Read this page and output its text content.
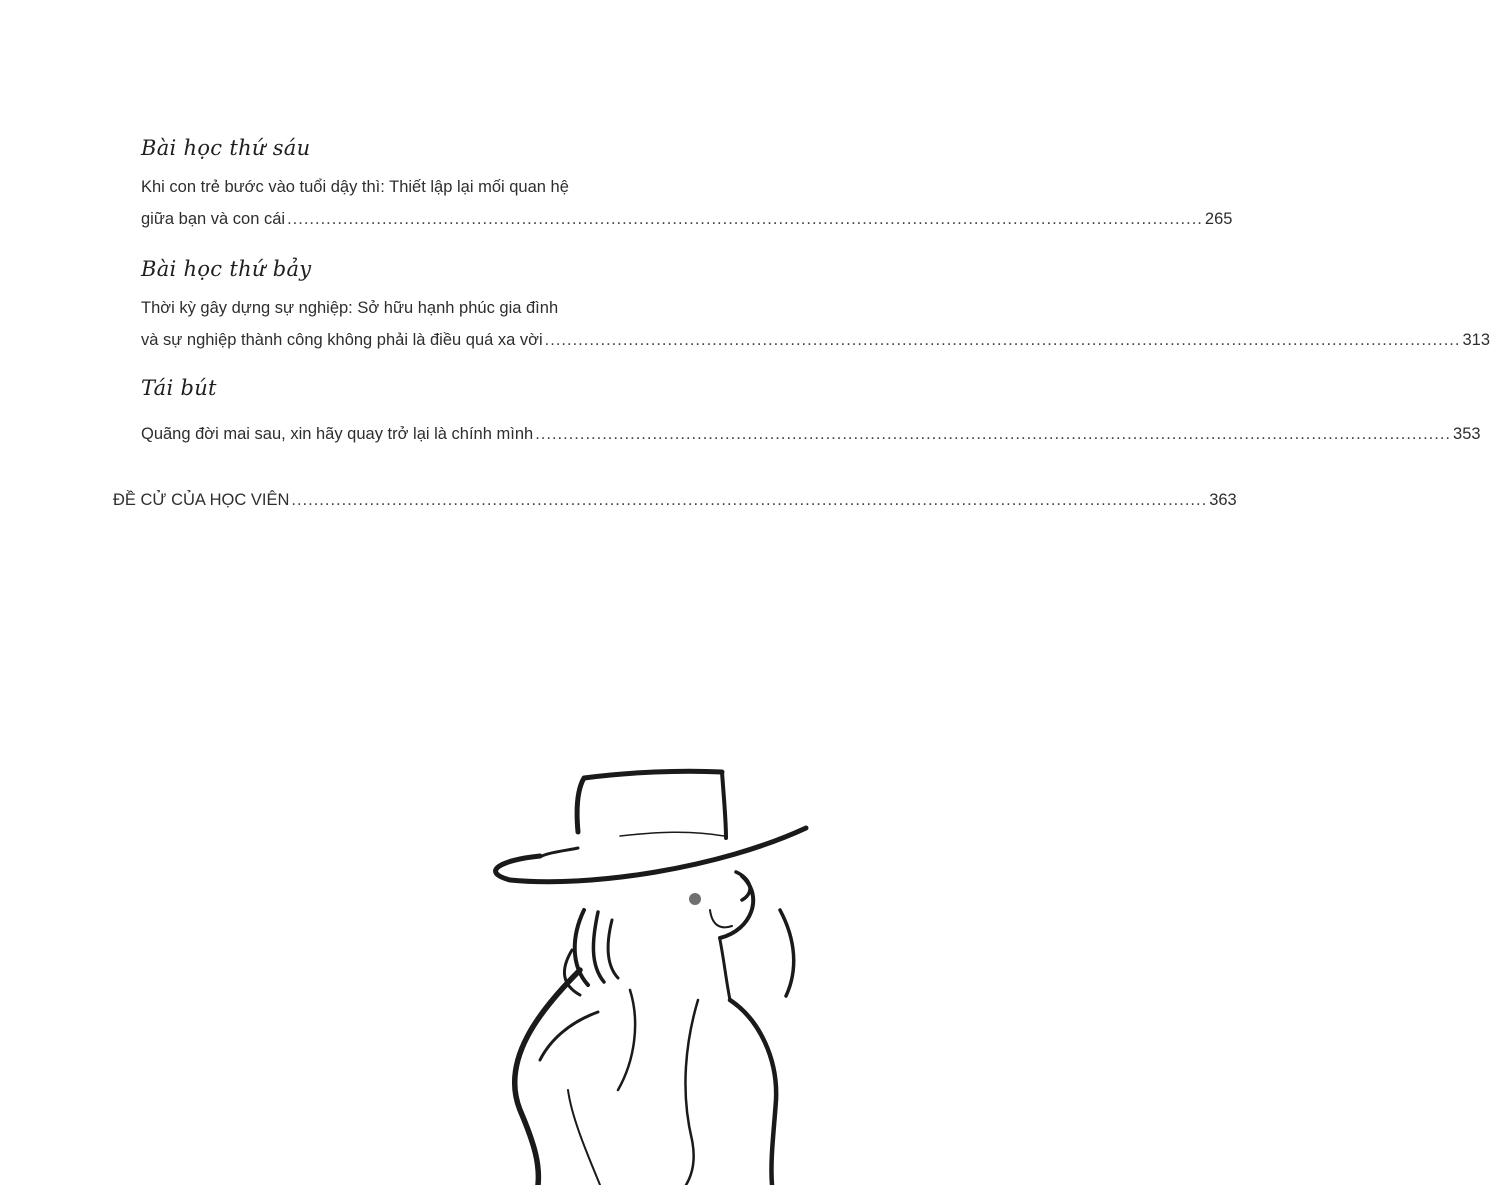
Bài học thứ sáu
Khi con trẻ bước vào tuổi dậy thì: Thiết lập lại mối quan hệ
giữa bạn và con cái .................................................................................................................................................................... 265
Bài học thứ bảy
Thời kỳ gây dựng sự nghiệp: Sở hữu hạnh phúc gia đình
và sự nghiệp thành công không phải là điều quá xa vời .................................................................................................................................................................... 313
Tái bút
Quãng đời mai sau, xin hãy quay trở lại là chính mình .................................................................................................................................................................... 353
ĐỀ CỬ CỦA HỌC VIÊN .................................................................................................................................................................... 363
